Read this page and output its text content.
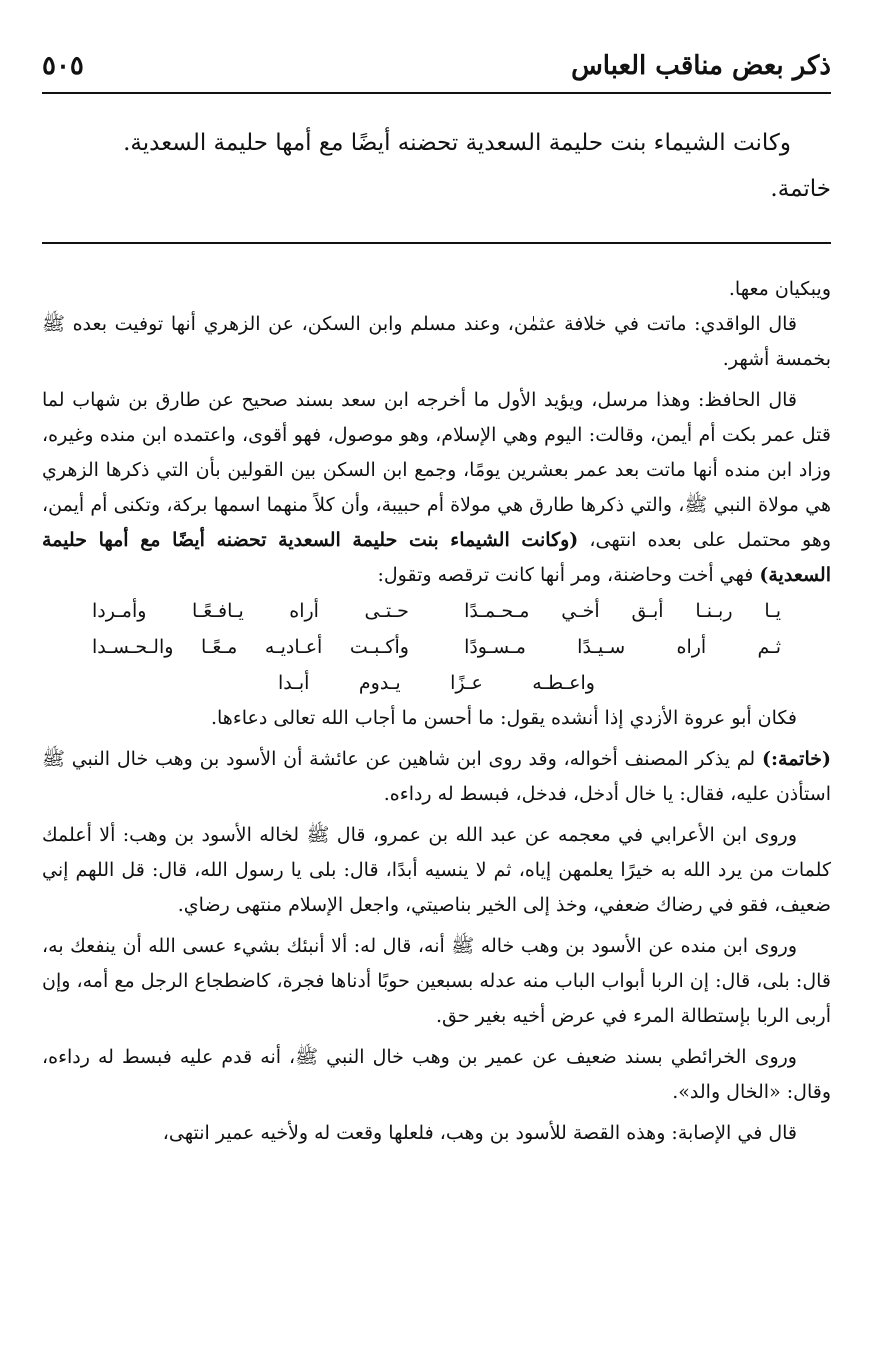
ذكر بعض مناقب العباس
٥٠٥

وكانت الشيماء بنت حليمة السعدية تحضنه أيضًا مع أمها حليمة السعدية.

خاتمة.

ويبكيان معها.

قال الواقدي: ماتت في خلافة عثمٰن، وعند مسلم وابن السكن، عن الزهري أنها توفيت بعده ﷺ بخمسة أشهر.

قال الحافظ: وهذا مرسل، ويؤيد الأول ما أخرجه ابن سعد بسند صحيح عن طارق بن شهاب لما قتل عمر بكت أم أيمن، وقالت: اليوم وهي الإسلام، وهو موصول، فهو أقوى، واعتمده ابن منده وغيره، وزاد ابن منده أنها ماتت بعد عمر بعشرين يومًا، وجمع ابن السكن بين القولين بأن التي ذكرها الزهري هي مولاة النبي ﷺ، والتي ذكرها طارق هي مولاة أم حبيبة، وأن كلاً منهما اسمها بركة، وتكنى أم أيمن، وهو محتمل على بعده انتهى، (وكانت الشيماء بنت حليمة السعدية تحضنه أيضًا مع أمها حليمة السعدية) فهي أخت وحاضنة، ومر أنها كانت ترقصه وتقول:

يـا ربـنـا أبـق أخـي مـحـمـدًا
حـتـى أراه يـافـعًـا وأمـردا
ثـم أراه سـيـدًا مـسـودًا
وأكـبـت أعـاديـه مـعًـا والـحـسـدا
واعـطـه عـزًا يـدوم أبـدا

فكان أبو عروة الأزدي إذا أنشده يقول: ما أحسن ما أجاب الله تعالى دعاءها.

(خاتمة:) لم يذكر المصنف أخواله، وقد روى ابن شاهين عن عائشة أن الأسود بن وهب خال النبي ﷺ استأذن عليه، فقال: يا خال أدخل، فدخل، فبسط له رداءه.

وروى ابن الأعرابي في معجمه عن عبد الله بن عمرو، قال ﷺ لخاله الأسود بن وهب: ألا أعلمك كلمات من يرد الله به خيرًا يعلمهن إياه، ثم لا ينسيه أبدًا، قال: بلى يا رسول الله، قال: قل اللهم إني ضعيف، فقو في رضاك ضعفي، وخذ إلى الخير بناصيتي، واجعل الإسلام منتهى رضاي.

وروى ابن منده عن الأسود بن وهب خاله ﷺ أنه، قال له: ألا أنبئك بشيء عسى الله أن ينفعك به، قال: بلى، قال: إن الربا أبواب الباب منه عدله بسبعين حوبًا أدناها فجرة، كاضطجاع الرجل مع أمه، وإن أربى الربا بإستطالة المرء في عرض أخيه بغير حق.

وروى الخرائطي بسند ضعيف عن عمير بن وهب خال النبي ﷺ، أنه قدم عليه فبسط له رداءه، وقال: «الخال والد».

قال في الإصابة: وهذه القصة للأسود بن وهب، فلعلها وقعت له ولأخيه عمير انتهى،
